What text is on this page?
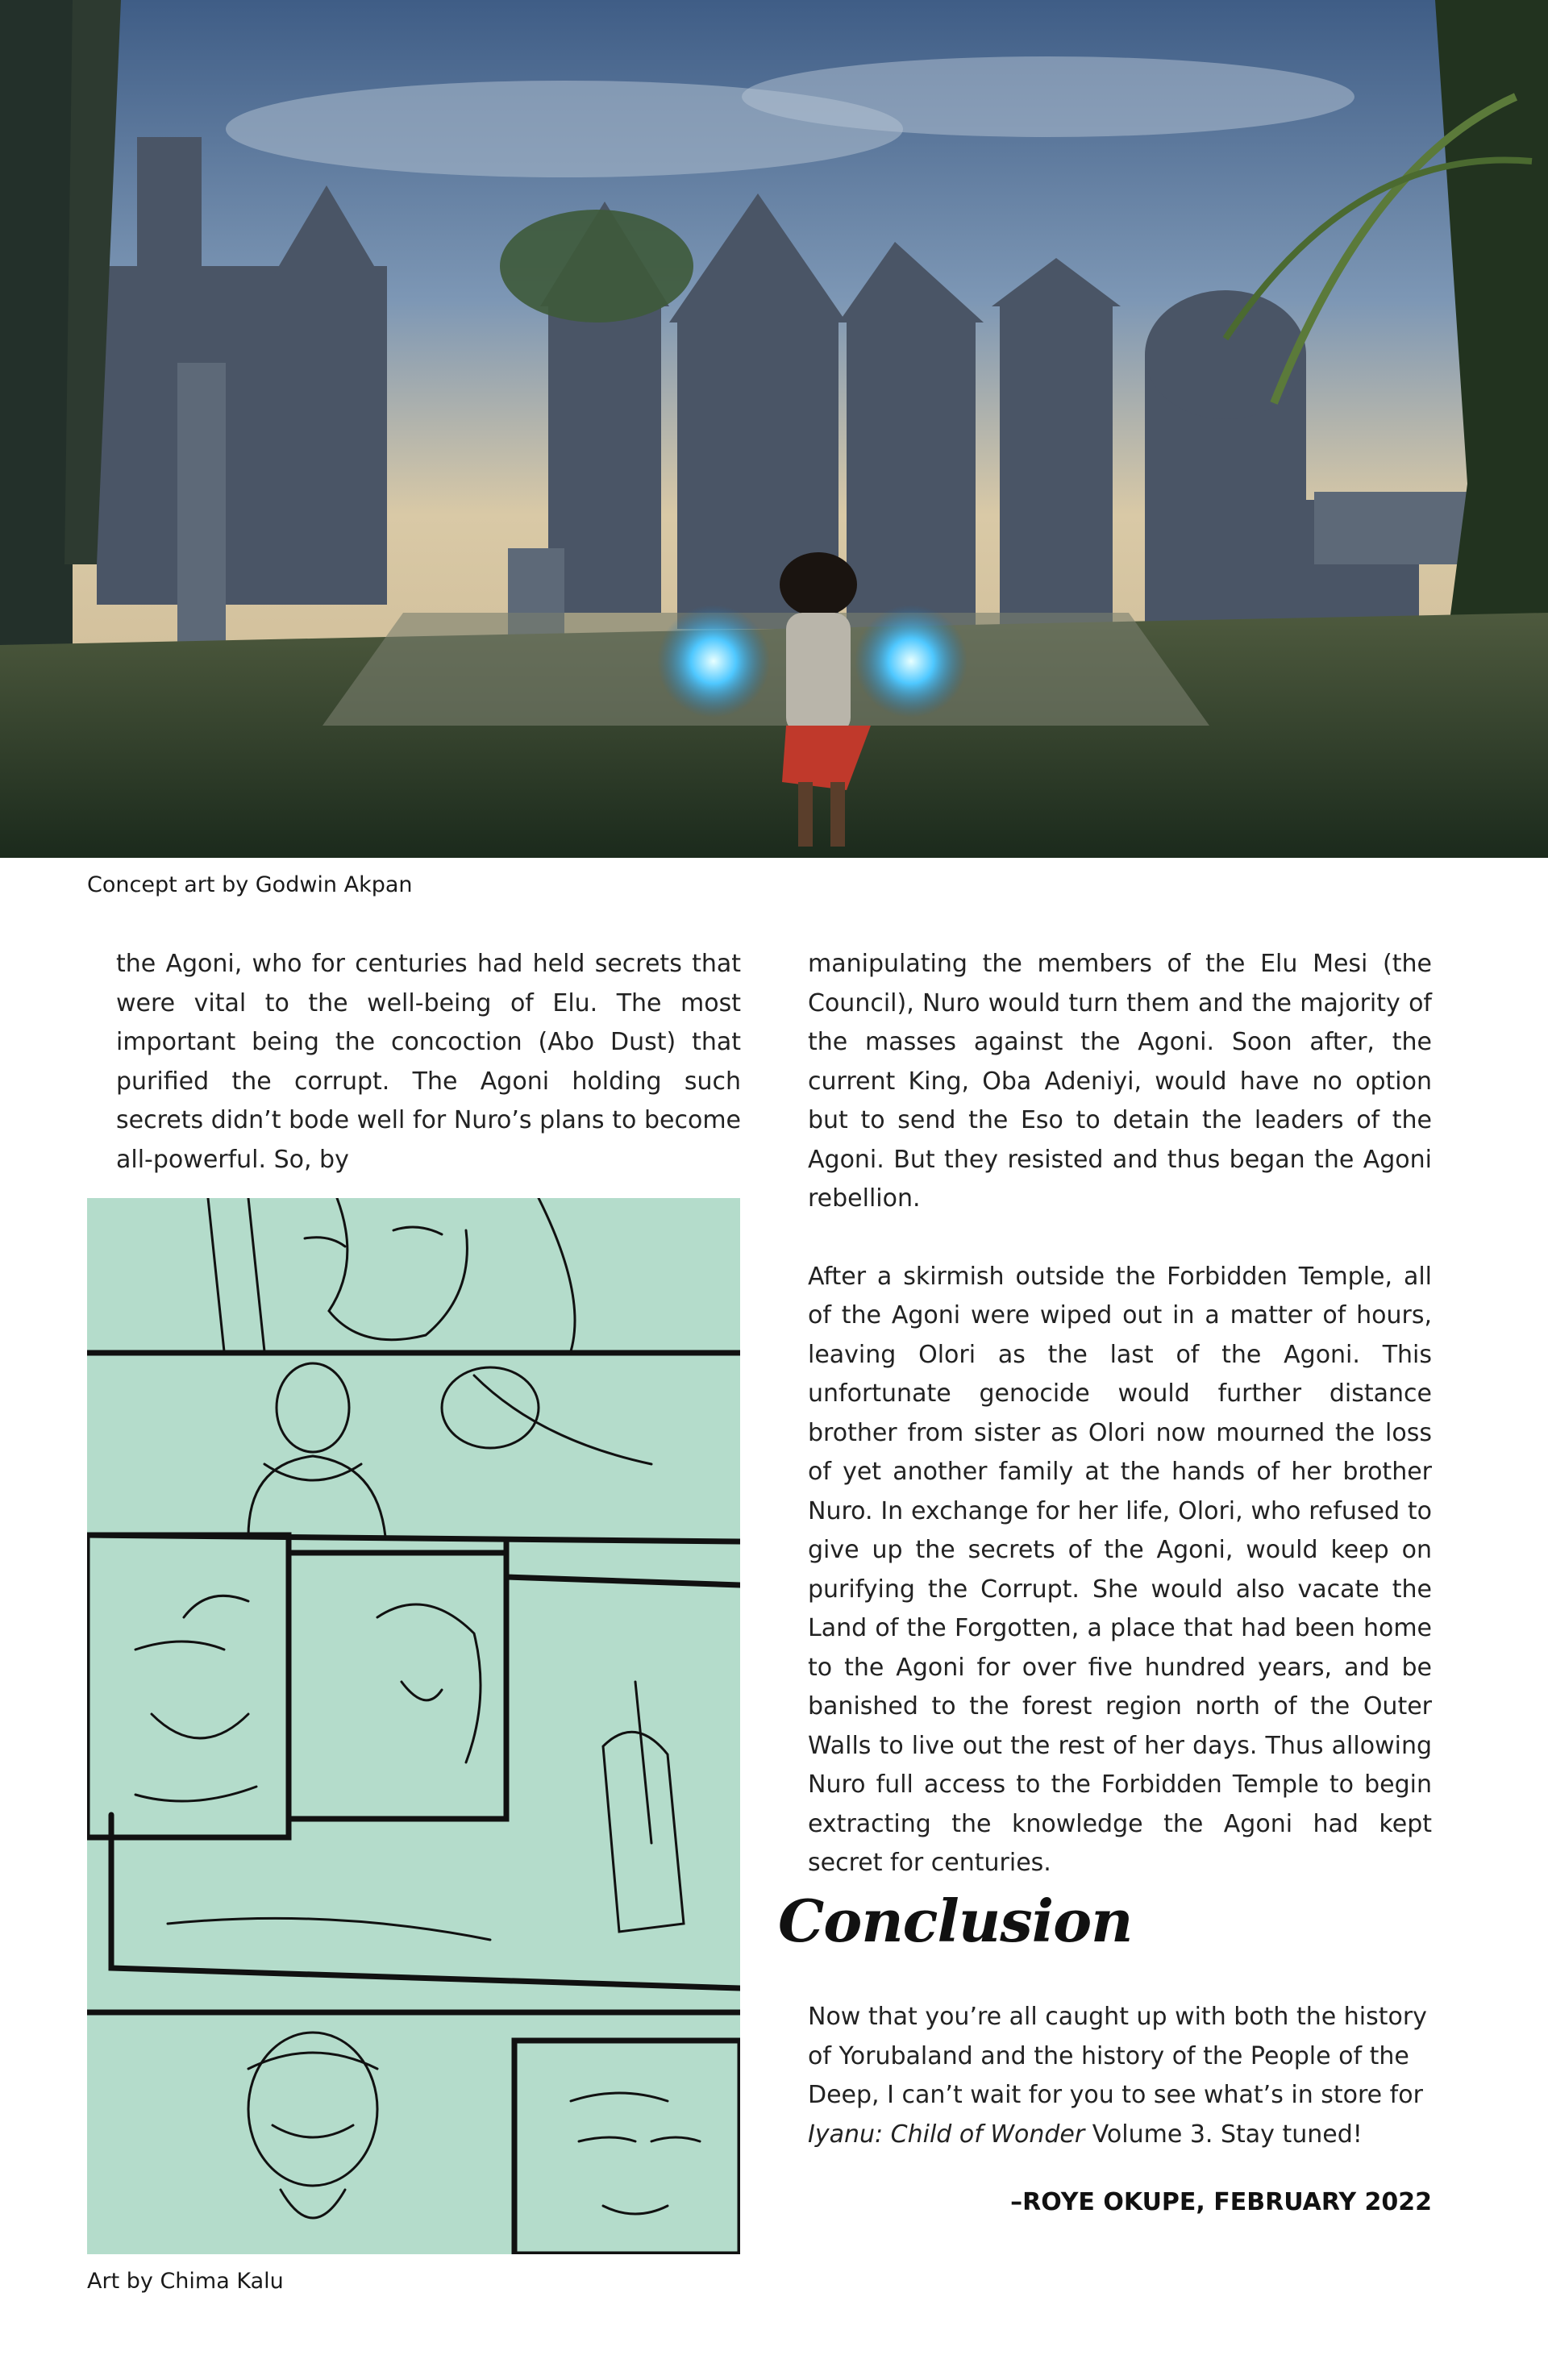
Concept art by Godwin Akpan

the Agoni, who for centuries had held secrets that were vital to the well-being of Elu. The most important being the concoction (Abo Dust) that purified the corrupt. The Agoni holding such secrets didn’t bode well for Nuro’s plans to become all-powerful. So, by

Art by Chima Kalu

manipulating the members of the Elu Mesi (the Council), Nuro would turn them and the majority of the masses against the Agoni. Soon after, the current King, Oba Adeniyi, would have no option but to send the Eso to detain the leaders of the Agoni. But they resisted and thus began the Agoni rebellion.

After a skirmish outside the Forbidden Temple, all of the Agoni were wiped out in a matter of hours, leaving Olori as the last of the Agoni. This unfortunate genocide would further distance brother from sister as Olori now mourned the loss of yet another family at the hands of her brother Nuro. In exchange for her life, Olori, who refused to give up the secrets of the Agoni, would keep on purifying the Corrupt. She would also vacate the Land of the Forgotten, a place that had been home to the Agoni for over five hundred years, and be banished to the forest region north of the Outer Walls to live out the rest of her days. Thus allowing Nuro full access to the Forbidden Temple to begin extracting the knowledge the Agoni had kept secret for centuries.

Conclusion

Now that you’re all caught up with both the history of Yorubaland and the history of the People of the Deep, I can’t wait for you to see what’s in store for Iyanu: Child of Wonder Volume 3. Stay tuned!

–ROYE OKUPE, FEBRUARY 2022
